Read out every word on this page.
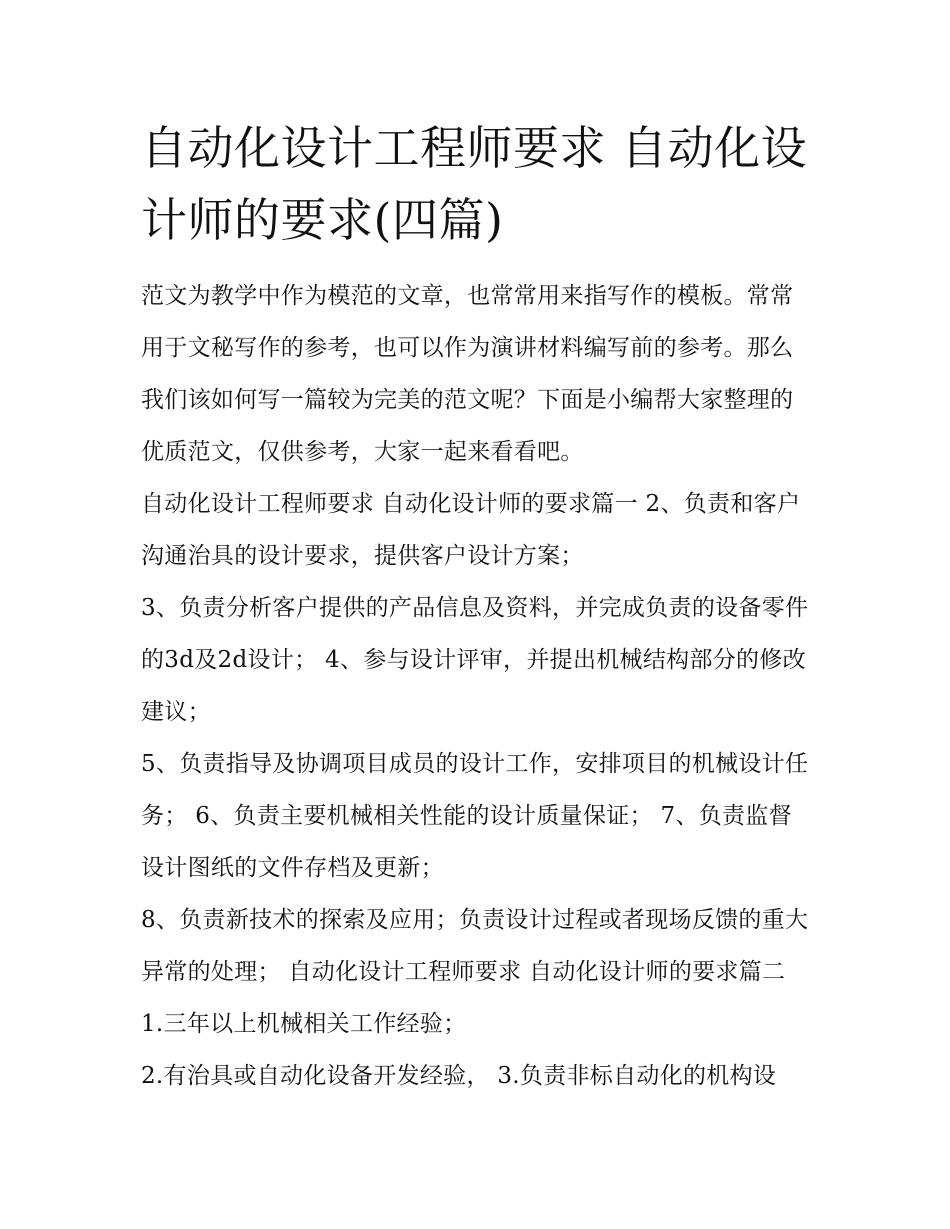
自动化设计工程师要求 自动化设计师的要求(四篇)

范文为教学中作为模范的文章，也常常用来指写作的模板。常常用于文秘写作的参考，也可以作为演讲材料编写前的参考。那么我们该如何写一篇较为完美的范文呢？下面是小编帮大家整理的优质范文，仅供参考，大家一起来看看吧。

自动化设计工程师要求 自动化设计师的要求篇一 2、负责和客户沟通治具的设计要求，提供客户设计方案；

3、负责分析客户提供的产品信息及资料，并完成负责的设备零件的3d及2d设计； 4、参与设计评审，并提出机械结构部分的修改建议；

5、负责指导及协调项目成员的设计工作，安排项目的机械设计任务； 6、负责主要机械相关性能的设计质量保证； 7、负责监督设计图纸的文件存档及更新；

8、负责新技术的探索及应用；负责设计过程或者现场反馈的重大异常的处理； 自动化设计工程师要求 自动化设计师的要求篇二 1.三年以上机械相关工作经验；

2.有治具或自动化设备开发经验， 3.负责非标自动化的机构设
